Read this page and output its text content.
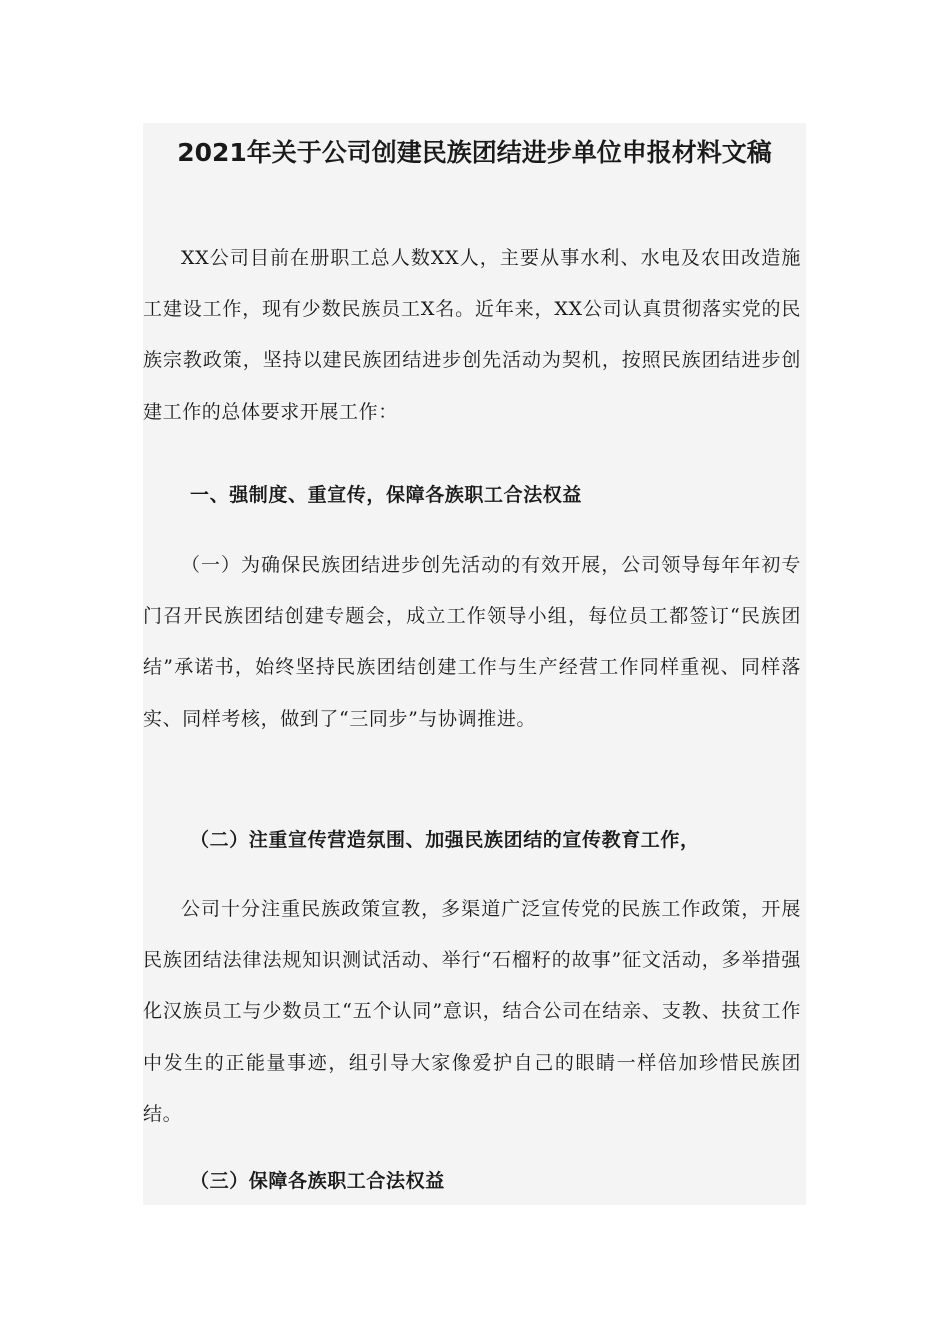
2021年关于公司创建民族团结进步单位申报材料文稿

XX公司目前在册职工总人数XX人，主要从事水利、水电及农田改造施工建设工作，现有少数民族员工X名。近年来，XX公司认真贯彻落实党的民族宗教政策，坚持以建民族团结进步创先活动为契机，按照民族团结进步创建工作的总体要求开展工作：

一、强制度、重宣传，保障各族职工合法权益

（一）为确保民族团结进步创先活动的有效开展，公司领导每年年初专门召开民族团结创建专题会，成立工作领导小组，每位员工都签订“民族团结”承诺书，始终坚持民族团结创建工作与生产经营工作同样重视、同样落实、同样考核，做到了“三同步”与协调推进。

（二）注重宣传营造氛围、加强民族团结的宣传教育工作，

公司十分注重民族政策宣教，多渠道广泛宣传党的民族工作政策，开展民族团结法律法规知识测试活动、举行“石榴籽的故事”征文活动，多举措强化汉族员工与少数员工“五个认同”意识，结合公司在结亲、支教、扶贫工作中发生的正能量事迹，组引导大家像爱护自己的眼睛一样倍加珍惜民族团结。

（三）保障各族职工合法权益
